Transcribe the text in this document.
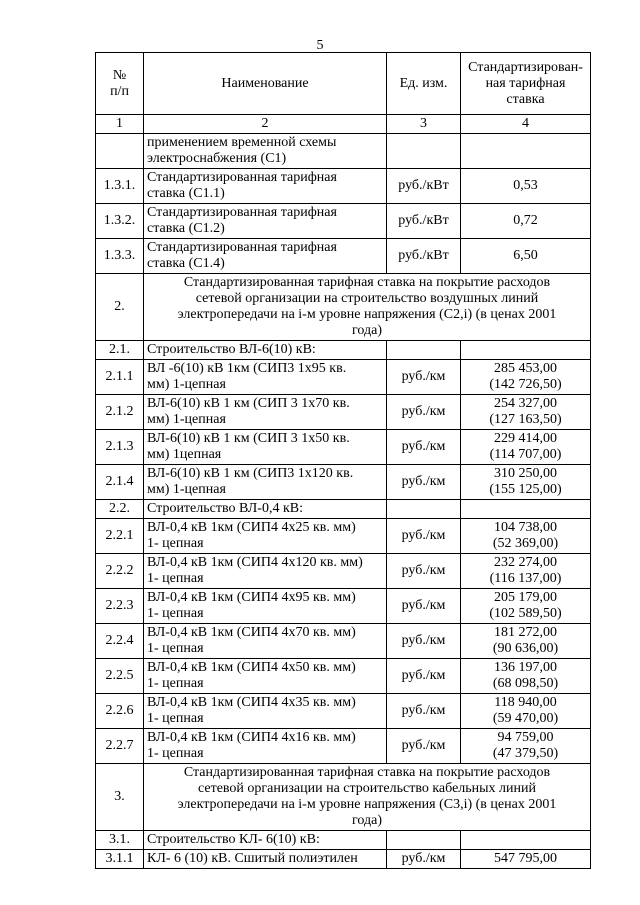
5
№
п/п	Наименование	Ед. изм.	Стандартизирован-
ная тарифная
ставка
1	2	3	4
	применением временной схемы
электроснабжения (С1)		

1.3.1.	Стандартизированная тарифная
ставка (С1.1)	руб./кВт	0,53

1.3.2.	Стандартизированная тарифная
ставка (С1.2)	руб./кВт	0,72

1.3.3.	Стандартизированная тарифная
ставка (С1.4)	руб./кВт	6,50

2.	Стандартизированная тарифная ставка на покрытие расходов
сетевой организации на строительство воздушных линий
электропередачи на i-м уровне напряжения (С2,i) (в ценах 2001
года)		
2.1.	Строительство ВЛ-6(10) кВ:		

2.1.1	ВЛ -6(10) кВ 1км (СИП3 1х95 кв.
мм) 1-цепная	руб./км	285 453,00
(142 726,50)

2.1.2	ВЛ-6(10) кВ 1 км (СИП 3 1х70 кв.
мм) 1-цепная	руб./км	254 327,00
(127 163,50)

2.1.3	ВЛ-6(10) кВ 1 км (СИП 3 1х50 кв.
мм) 1цепная	руб./км	229 414,00
(114 707,00)

2.1.4	ВЛ-6(10) кВ 1 км (СИП3 1х120 кв.
мм) 1-цепная	руб./км	310 250,00
(155 125,00)

2.2.	Строительство ВЛ-0,4 кВ:		

2.2.1	ВЛ-0,4 кВ 1км (СИП4 4х25 кв. мм)
1- цепная	руб./км	104 738,00
(52 369,00)

2.2.2	ВЛ-0,4 кВ 1км (СИП4 4х120 кв. мм)
1- цепная	руб./км	232 274,00
(116 137,00)

2.2.3	ВЛ-0,4 кВ 1км (СИП4 4х95 кв. мм)
1- цепная	руб./км	205 179,00
(102 589,50)

2.2.4	ВЛ-0,4 кВ 1км (СИП4 4х70 кв. мм)
1- цепная	руб./км	181 272,00
(90 636,00)

2.2.5	ВЛ-0,4 кВ 1км (СИП4 4х50 кв. мм)
1- цепная	руб./км	136 197,00
(68 098,50)

2.2.6	ВЛ-0,4 кВ 1км (СИП4 4х35 кв. мм)
1- цепная	руб./км	118 940,00
(59 470,00)

2.2.7	ВЛ-0,4 кВ 1км (СИП4 4х16 кв. мм)
1- цепная	руб./км	94 759,00
(47 379,50)

3.	Стандартизированная тарифная ставка на покрытие расходов
сетевой организации на строительство кабельных линий
электропередачи на i-м уровне напряжения (С3,i) (в ценах 2001
года)		
3.1.	Строительство КЛ- 6(10) кВ:		

3.1.1	КЛ- 6 (10) кВ. Сшитый полиэтилен	руб./км	547 795,00
